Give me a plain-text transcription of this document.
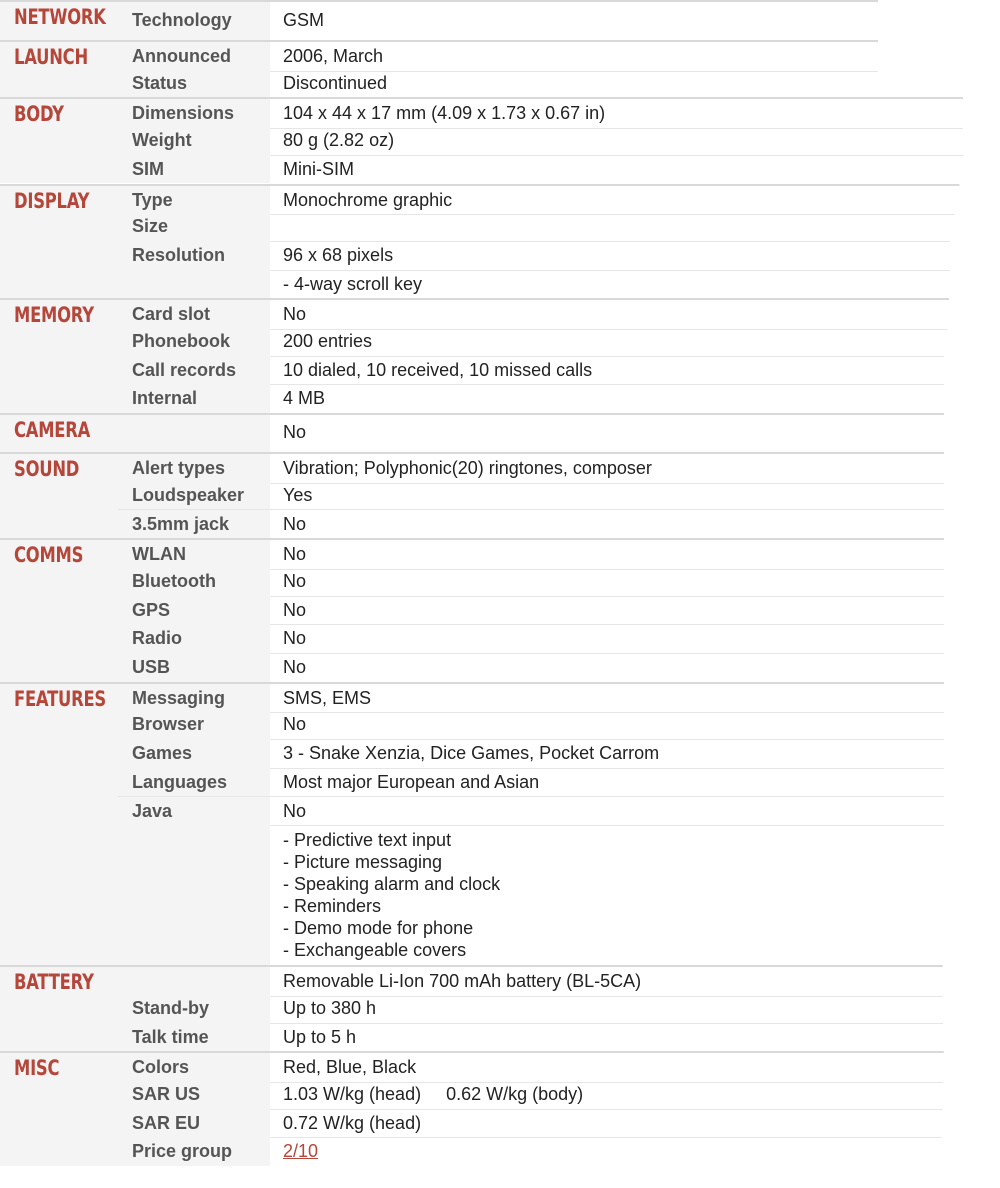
Technology	GSM
NETWORK
Announced	2006, March
Status	Discontinued
LAUNCH
Dimensions	104 x 44 x 17 mm (4.09 x 1.73 x 0.67 in)
Weight	80 g (2.82 oz)
SIM	Mini-SIM
BODY
Type	Monochrome graphic
Size
Resolution	96 x 68 pixels
- 4-way scroll key
DISPLAY
Card slot	No
Phonebook	200 entries
Call records	10 dialed, 10 received, 10 missed calls
Internal	4 MB
MEMORY
No
CAMERA
Alert types	Vibration; Polyphonic(20) ringtones, composer
Loudspeaker	Yes
3.5mm jack	No
SOUND
WLAN	No
Bluetooth	No
GPS	No
Radio	No
USB	No
COMMS
Messaging	SMS, EMS
Browser	No
Games	3 - Snake Xenzia, Dice Games, Pocket Carrom
Languages	Most major European and Asian
Java	No
- Predictive text input
- Picture messaging
- Speaking alarm and clock
- Reminders
- Demo mode for phone
- Exchangeable covers
FEATURES
Removable Li-Ion 700 mAh battery (BL-5CA)
Stand-by	Up to 380 h
Talk time	Up to 5 h
BATTERY
Colors	Red, Blue, Black
SAR US	1.03 W/kg (head)     0.62 W/kg (body)
SAR EU	0.72 W/kg (head)
Price group	2/10
MISC
